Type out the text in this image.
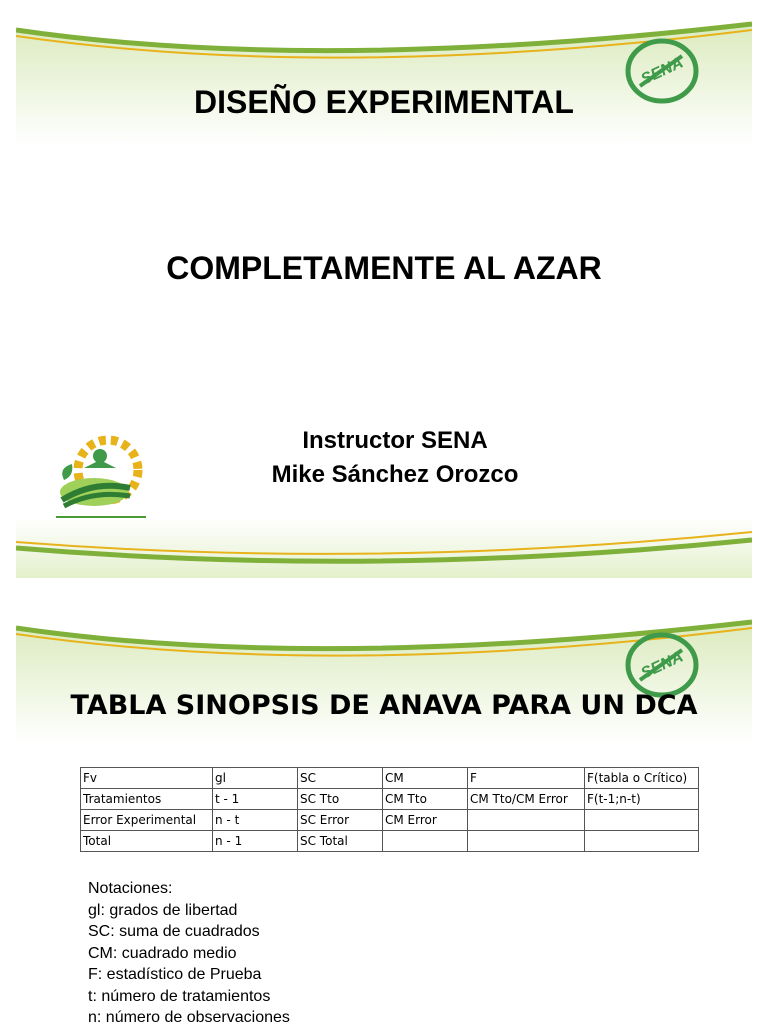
SENA
DISEÑO EXPERIMENTAL
COMPLETAMENTE AL AZAR
Instructor SENA
Mike Sánchez Orozco
SENA
TABLA SINOPSIS DE ANAVA PARA UN DCA
Fv	gl	SC	CM	F	F(tabla o Crítico)
Tratamientos	t - 1	SC Tto	CM Tto	CM Tto/CM Error	F(t-1;n-t)
Error Experimental	n - t	SC Error	CM Error		
Total	n - 1	SC Total			
Notaciones:
gl: grados de libertad
SC: suma de cuadrados
CM: cuadrado medio
F: estadístico de Prueba
t: número de tratamientos
n: número de observaciones
